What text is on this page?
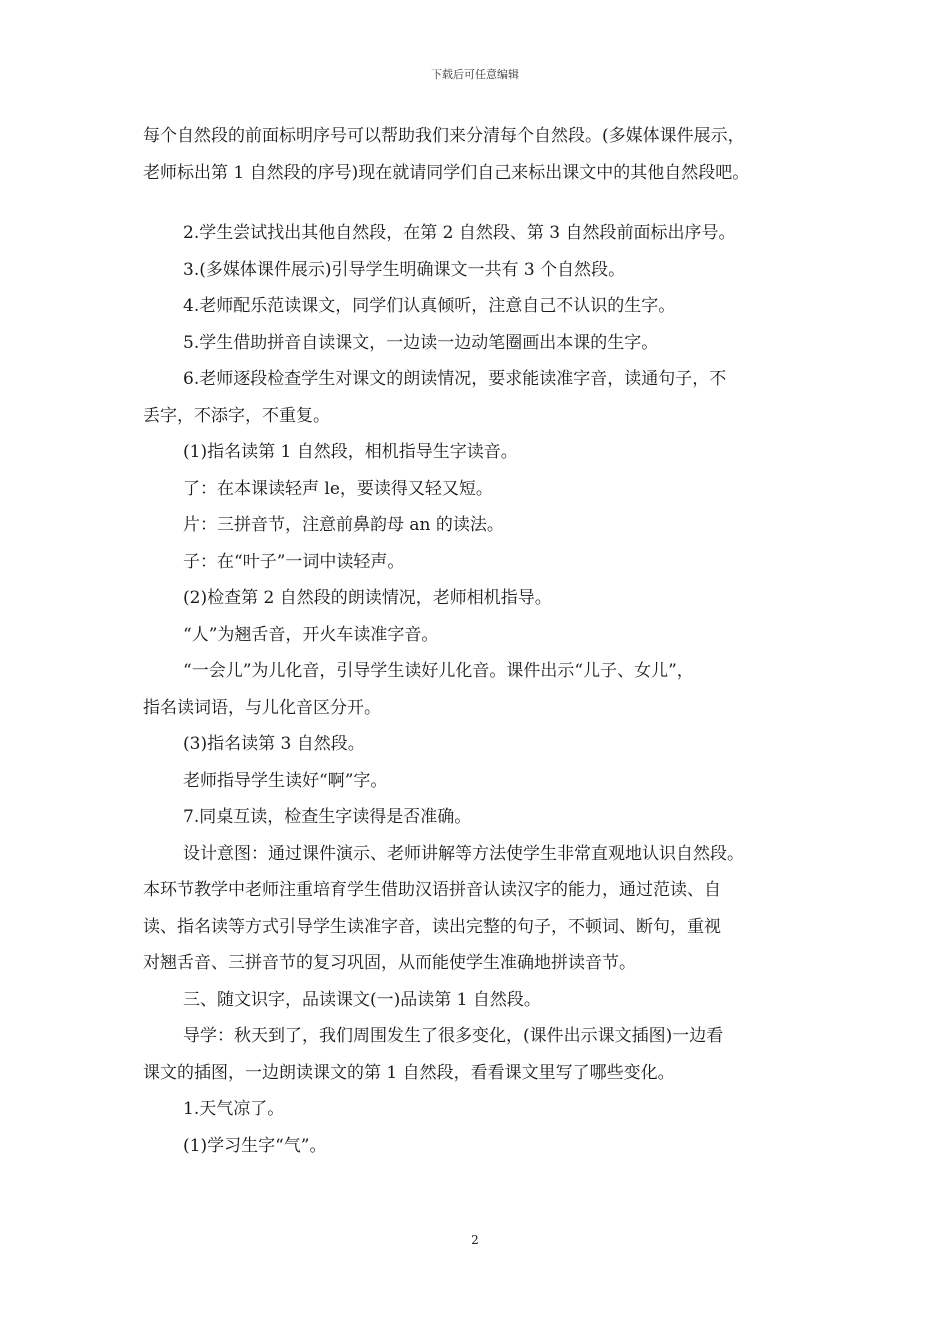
下载后可任意编辑
每个自然段的前面标明序号可以帮助我们来分清每个自然段。(多媒体课件展示，
老师标出第 1 自然段的序号)现在就请同学们自己来标出课文中的其他自然段吧。
2.学生尝试找出其他自然段，在第 2 自然段、第 3 自然段前面标出序号。
3.(多媒体课件展示)引导学生明确课文一共有 3 个自然段。
4.老师配乐范读课文，同学们认真倾听，注意自己不认识的生字。
5.学生借助拼音自读课文，一边读一边动笔圈画出本课的生字。
6.老师逐段检查学生对课文的朗读情况，要求能读准字音，读通句子，不
丢字，不添字，不重复。
(1)指名读第 1 自然段，相机指导生字读音。
了：在本课读轻声 le，要读得又轻又短。
片：三拼音节，注意前鼻韵母 an 的读法。
子：在“叶子”一词中读轻声。
(2)检查第 2 自然段的朗读情况，老师相机指导。
“人”为翘舌音，开火车读准字音。
“一会儿”为儿化音，引导学生读好儿化音。课件出示“儿子、女儿”，
指名读词语，与儿化音区分开。
(3)指名读第 3 自然段。
老师指导学生读好“啊”字。
7.同桌互读，检查生字读得是否准确。
设计意图：通过课件演示、老师讲解等方法使学生非常直观地认识自然段。
本环节教学中老师注重培育学生借助汉语拼音认读汉字的能力，通过范读、自
读、指名读等方式引导学生读准字音，读出完整的句子，不顿词、断句，重视
对翘舌音、三拼音节的复习巩固，从而能使学生准确地拼读音节。
三、随文识字，品读课文(一)品读第 1 自然段。
导学：秋天到了，我们周围发生了很多变化，(课件出示课文插图)一边看
课文的插图，一边朗读课文的第 1 自然段，看看课文里写了哪些变化。
1.天气凉了。
(1)学习生字“气”。
2
